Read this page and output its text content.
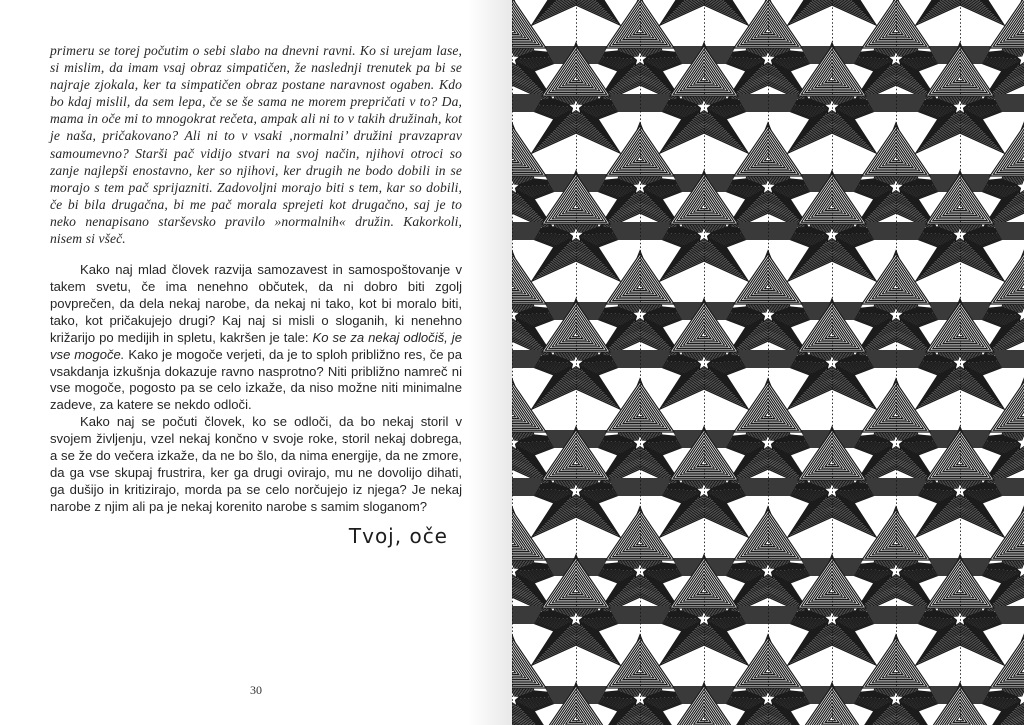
primeru se torej počutim o sebi slabo na dnevni ravni. Ko si urejam lase, si mislim, da imam vsaj obraz simpatičen, že naslednji trenutek pa bi se najraje zjokala, ker ta simpatičen obraz postane naravnost ogaben. Kdo bo kdaj mislil, da sem lepa, če se še sama ne morem prepričati v to? Da, mama in oče mi to mnogokrat rečeta, ampak ali ni to v takih družinah, kot je naša, pričakovano? Ali ni to v vsaki ‚normalni’ družini pravzaprav samoumevno? Starši pač vidijo stvari na svoj način, njihovi otroci so zanje najlepši enostavno, ker so njihovi, ker drugih ne bodo dobili in se morajo s tem pač sprijazniti. Zadovoljni morajo biti s tem, kar so dobili, če bi bila drugačna, bi me pač morala sprejeti kot drugačno, saj je to neko nenapisano starševsko pravilo »normalnih« družin. Kakorkoli, nisem si všeč.

Kako naj mlad človek razvija samozavest in samospoštovanje v takem svetu, če ima nenehno občutek, da ni dobro biti zgolj povprečen, da dela nekaj narobe, da nekaj ni tako, kot bi moralo biti, tako, kot pričakujejo drugi? Kaj naj si misli o sloganih, ki nenehno križarijo po medijih in spletu, kakršen je tale: Ko se za nekaj odločiš, je vse mogoče. Kako je mogoče verjeti, da je to sploh približno res, če pa vsakdanja izkušnja dokazuje ravno nasprotno? Niti približno namreč ni vse mogoče, pogosto pa se celo izkaže, da niso možne niti minimalne zadeve, za katere se nekdo odloči.

Kako naj se počuti človek, ko se odloči, da bo nekaj storil v svojem življenju, vzel nekaj končno v svoje roke, storil nekaj dobrega, a se že do večera izkaže, da ne bo šlo, da nima energije, da ne zmore, da ga vse skupaj frustrira, ker ga drugi ovirajo, mu ne dovolijo dihati, ga dušijo in kritizirajo, morda pa se celo norčujejo iz njega? Je nekaj narobe z njim ali pa je nekaj korenito narobe s samim sloganom?

Tvoj, oče
30
